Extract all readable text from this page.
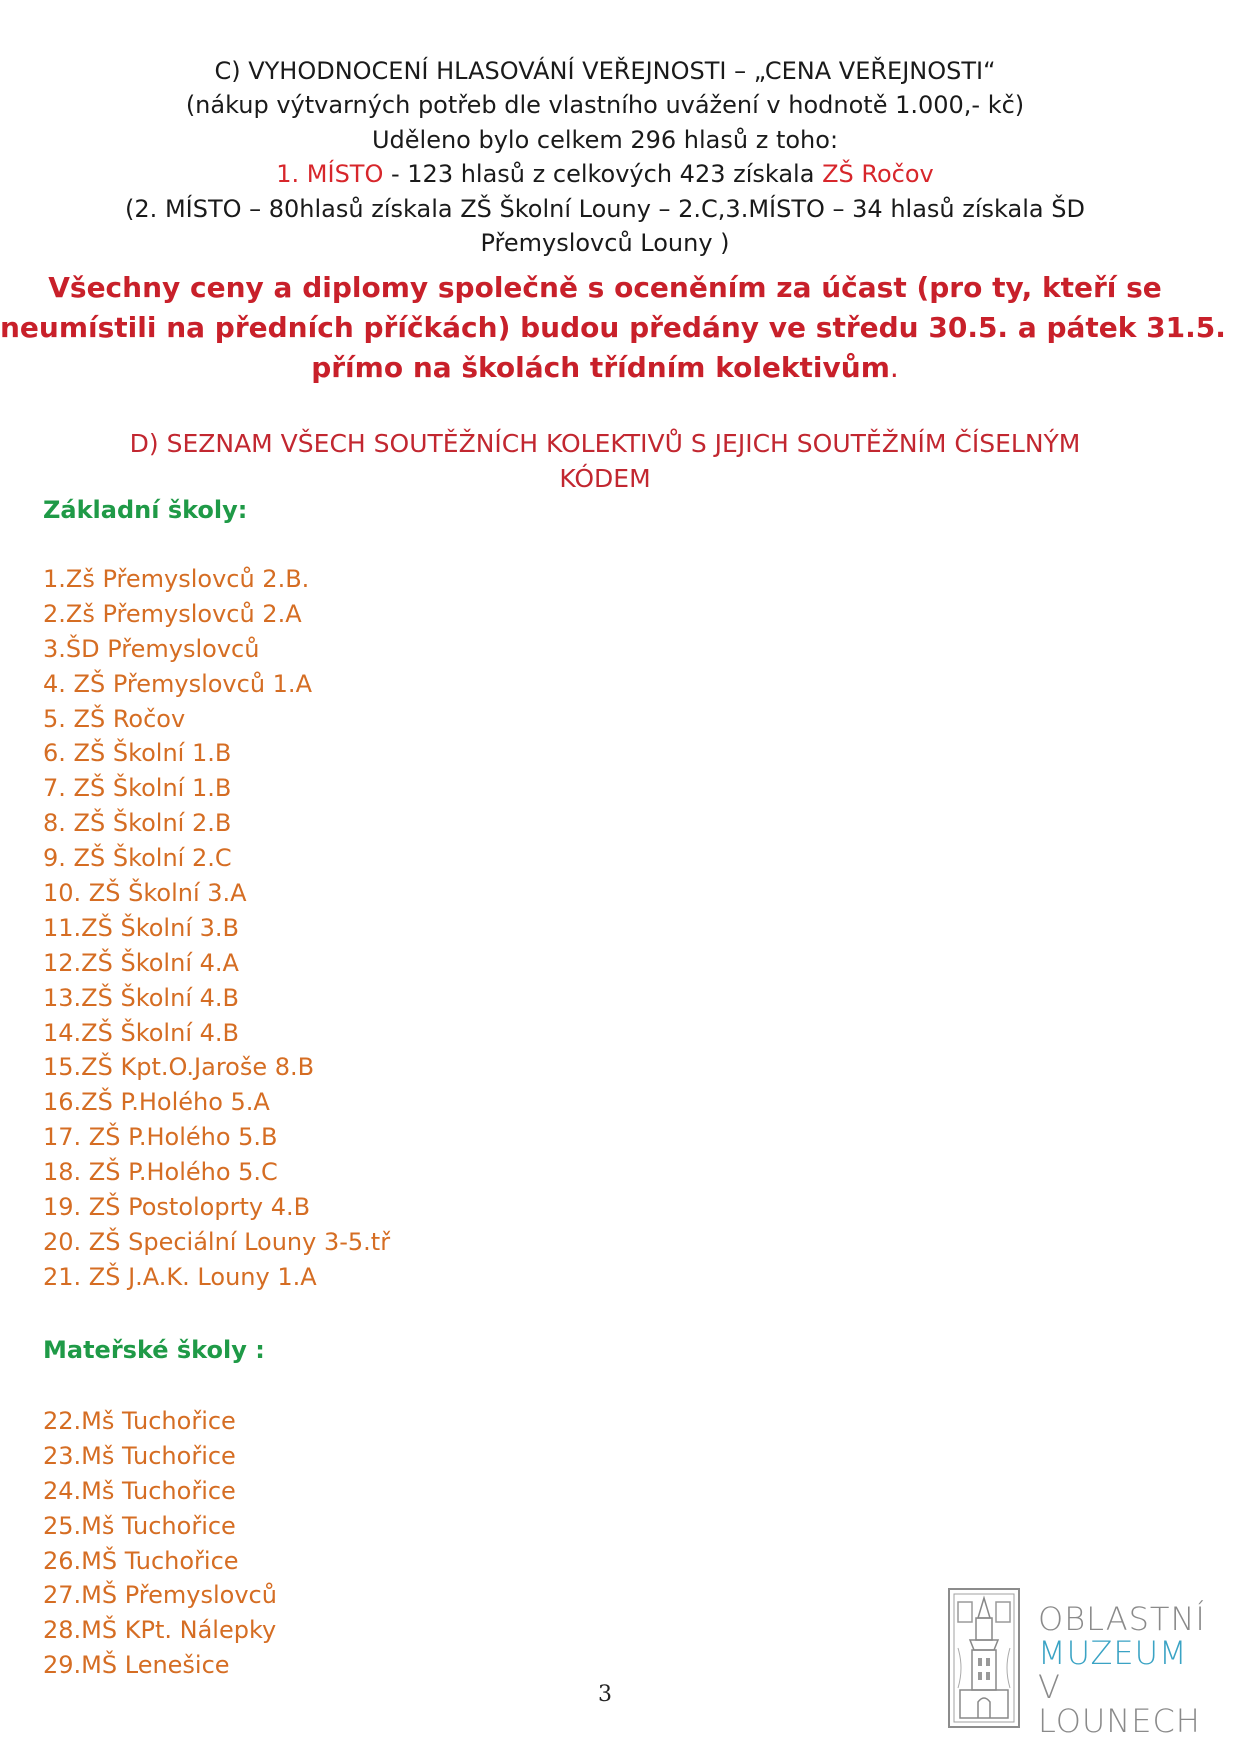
C) VYHODNOCENÍ HLASOVÁNÍ VEŘEJNOSTI – „CENA VEŘEJNOSTI“
(nákup výtvarných potřeb dle vlastního uvážení v hodnotě 1.000,- kč)
Uděleno bylo celkem 296 hlasů z toho:
1. MÍSTO - 123 hlasů z celkových 423 získala ZŠ Ročov
(2. MÍSTO – 80hlasů získala ZŠ Školní Louny – 2.C,3.MÍSTO – 34 hlasů získala ŠD
Přemyslovců Louny )
Všechny ceny a diplomy společně s oceněním za účast (pro ty, kteří se
neumístili na předních příčkách) budou předány ve středu 30.5. a pátek 31.5.
přímo na školách třídním kolektivům.
D) SEZNAM VŠECH SOUTĚŽNÍCH KOLEKTIVŮ S JEJICH SOUTĚŽNÍM ČÍSELNÝM
KÓDEM
Základní školy:
1.Zš Přemyslovců 2.B.
2.Zš Přemyslovců 2.A
3.ŠD Přemyslovců
4. ZŠ Přemyslovců 1.A
5. ZŠ Ročov
6. ZŠ Školní 1.B
7. ZŠ Školní 1.B
8. ZŠ Školní 2.B
9. ZŠ Školní 2.C
10. ZŠ Školní 3.A
11.ZŠ Školní 3.B
12.ZŠ Školní 4.A
13.ZŠ Školní 4.B
14.ZŠ Školní 4.B
15.ZŠ Kpt.O.Jaroše 8.B
16.ZŠ P.Holého 5.A
17. ZŠ P.Holého 5.B
18. ZŠ P.Holého 5.C
19. ZŠ Postoloprty 4.B
20. ZŠ Speciální Louny 3-5.tř
21. ZŠ J.A.K. Louny 1.A
Mateřské školy :
22.Mš Tuchořice
23.Mš Tuchořice
24.Mš Tuchořice
25.Mš Tuchořice
26.MŠ Tuchořice
27.MŠ Přemyslovců
28.MŠ KPt. Nálepky
29.MŠ Lenešice
3
OBLASTNÍ
MUZEUM
V LOUNECH
